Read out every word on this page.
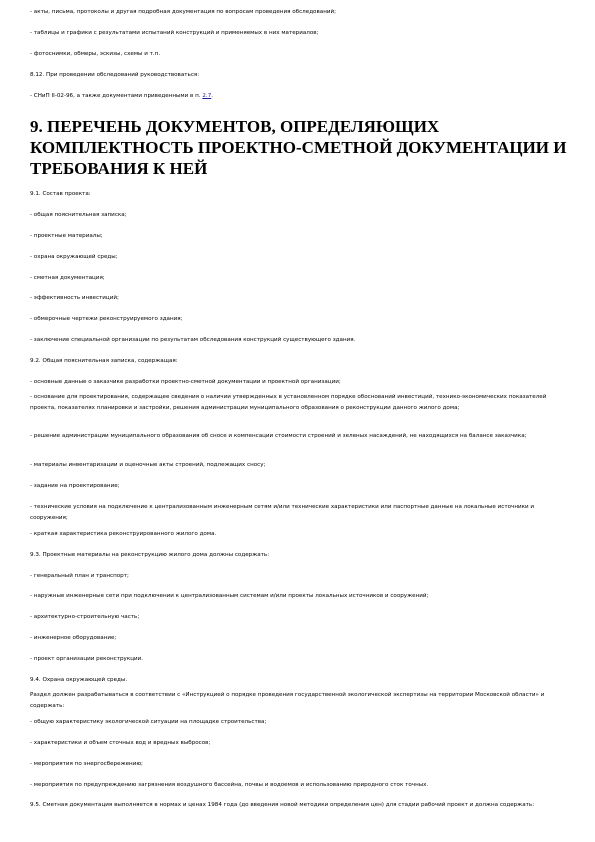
- акты, письма, протоколы и другая подробная документация по вопросам проведения обследований;
- таблицы и графики с результатами испытаний конструкций и применяемых в них материалов;
- фотоснимки, обмеры, эскизы, схемы и т.п.
8.12. При проведении обследований руководствоваться:
- СНиП II-02-96, а также документами приведенными в п. 2.7.
9. ПЕРЕЧЕНЬ ДОКУМЕНТОВ, ОПРЕДЕЛЯЮЩИХ КОМПЛЕКТНОСТЬ ПРОЕКТНО-СМЕТНОЙ ДОКУМЕНТАЦИИ И ТРЕБОВАНИЯ К НЕЙ
9.1. Состав проекта:
- общая пояснительная записка;
- проектные материалы;
- охрана окружающей среды;
- сметная документация;
- эффективность инвестиций;
- обмерочные чертежи реконструируемого здания;
- заключение специальной организации по результатам обследования конструкций существующего здания.
9.2. Общая пояснительная записка, содержащая:
- основные данные о заказчике разработки проектно-сметной документации и проектной организации;
- основание для проектирования, содержащее сведения о наличии утвержденных в установленном порядке обоснований инвестиций, технико-экономических показателей проекта, показателях планировки и застройки, решения администрации муниципального образования о реконструкции данного жилого дома;
- решение администрации муниципального образования об сносе и компенсации стоимости строений и зеленых насаждений, не находящихся на балансе заказчика;
- материалы инвентаризации и оценочные акты строений, подлежащих сносу;
- задание на проектирование;
- технические условия на подключение к централизованным инженерным сетям и/или технические характеристики или паспортные данные на локальные источники и сооружения;
- краткая характеристика реконструированного жилого дома.
9.3. Проектные материалы на реконструкцию жилого дома должны содержать:
- генеральный план и транспорт;
- наружные инженерные сети при подключении к централизованным системам и/или проекты локальных источников и сооружений;
- архитектурно-строительную часть;
- инженерное оборудование;
- проект организации реконструкции.
9.4. Охрана окружающей среды.
Раздел должен разрабатываться в соответствии с «Инструкцией о порядке проведения государственной экологической экспертизы на территории Московской области» и содержать:
- общую характеристику экологической ситуации на площадке строительства;
- характеристики и объем сточных вод и вредных выбросов;
- мероприятия по энергосбережению;
- мероприятия по предупреждению загрязнения воздушного бассейна, почвы и водоемов и использованию природного сток точных.
9.5. Сметная документация выполняется в нормах и ценах 1984 года (до введения новой методики определения цен) для стадии рабочий проект и должна содержать:
